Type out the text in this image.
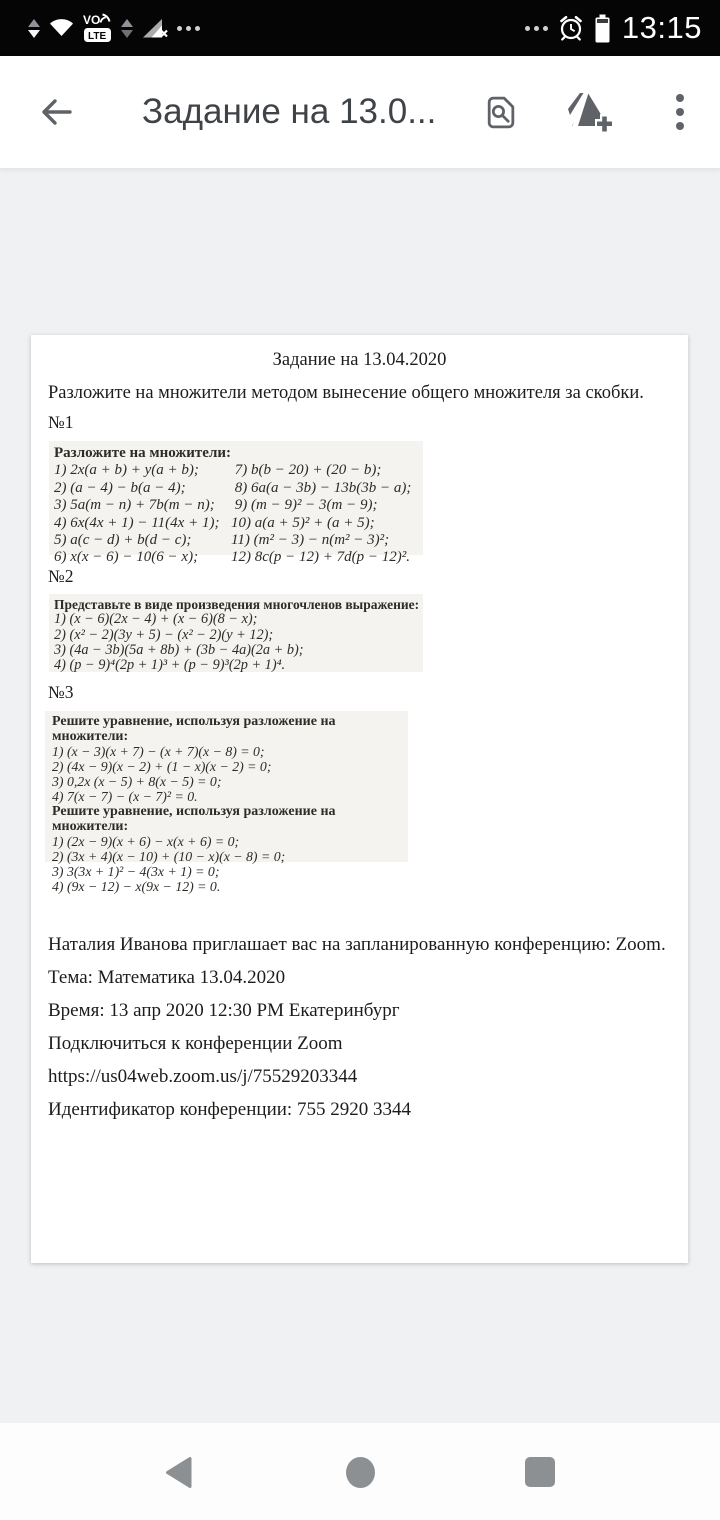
VO
LTE	13:15
Задание на 13.0...
Задание на 13.04.2020
Разложите на множители методом вынесение общего множителя за скобки.
№1
Разложите на множители:
1) 2x(a + b) + y(a + b);
2) (a − 4) − b(a − 4);
3) 5a(m − n) + 7b(m − n);
4) 6x(4x + 1) − 11(4x + 1);
5) a(c − d) + b(d − c);
6) x(x − 6) − 10(6 − x);
7) b(b − 20) + (20 − b);
8) 6a(a − 3b) − 13b(3b − a);
9) (m − 9)² − 3(m − 9);
10) a(a + 5)² + (a + 5);
11) (m² − 3) − n(m² − 3)²;
12) 8c(p − 12) + 7d(p − 12)².
№2
Представьте в виде произведения многочленов выражение:
1) (x − 6)(2x − 4) + (x − 6)(8 − x);
2) (x² − 2)(3y + 5) − (x² − 2)(y + 12);
3) (4a − 3b)(5a + 8b) + (3b − 4a)(2a + b);
4) (p − 9)⁴(2p + 1)³ + (p − 9)³(2p + 1)⁴.
№3
Решите уравнение, используя разложение на множители:
1) (x − 3)(x + 7) − (x + 7)(x − 8) = 0;
2) (4x − 9)(x − 2) + (1 − x)(x − 2) = 0;
3) 0,2x (x − 5) + 8(x − 5) = 0;
4) 7(x − 7) − (x − 7)² = 0.
Решите уравнение, используя разложение на множители:
1) (2x − 9)(x + 6) − x(x + 6) = 0;
2) (3x + 4)(x − 10) + (10 − x)(x − 8) = 0;
3) 3(3x + 1)² − 4(3x + 1) = 0;
4) (9x − 12) − x(9x − 12) = 0.

Наталия Иванова приглашает вас на запланированную конференцию: Zoom.

Тема: Математика 13.04.2020

Время: 13 апр 2020 12:30 PM Екатеринбург

Подключиться к конференции Zoom

https://us04web.zoom.us/j/75529203344

Идентификатор конференции: 755 2920 3344
